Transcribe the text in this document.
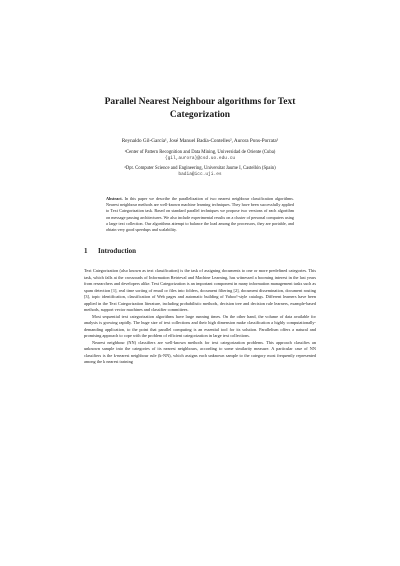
Parallel Nearest Neighbour algorithms for Text
Categorization
Reynaldo Gil-García¹, José Manuel Badía-Contelles², Aurora Pons-Porrata¹
¹Center of Pattern Recognition and Data Mining, Universidad de Oriente (Cuba)
{gil,aurora}@csd.uo.edu.cu
²Dpt. Computer Science and Engineering, Universitat Jaume I, Castellón (Spain)
badia@icc.uji.es
Abstract. In this paper we describe the parallelization of two nearest neighbour classification algorithms. Nearest neighbour methods are well-known machine learning techniques. They have been successfully applied to Text Categorization task. Based on standard parallel techniques we propose two versions of each algorithm on message passing architectures. We also include experimental results on a cluster of personal computers using a large text collection. Our algorithms attempt to balance the load among the processors, they are portable, and obtain very good speedups and scalability.
1 Introduction

Text Categorization (also known as text classification) is the task of assigning documents to one or more predefined categories. This task, which falls at the crossroads of Information Retrieval and Machine Learning, has witnessed a booming interest in the last years from researchers and developers alike. Text Categorization is an important component in many information management tasks such as spam detection [1], real time sorting of email or files into folders, document filtering [2], document dissemination, document routing [3], topic identification, classification of Web pages and automatic building of Yahoo!-style catalogs. Different learners have been applied in the Text Categorization literature, including probabilistic methods, decision tree and decision rule learners, example-based methods, support vector machines and classifier committees.

Most sequential text categorization algorithms have large running times. On the other hand, the volume of data available for analysis is growing rapidly. The huge size of text collections and their high dimension make classification a highly computationally-demanding application, to the point that parallel computing is an essential tool for its solution. Parallelism offers a natural and promising approach to cope with the problem of efficient categorization in large text collections.

Nearest neighbour (NN) classifiers are well-known methods for text categorization problems. This approach classifies an unknown sample into the categories of its nearest neighbours, according to some similarity measure. A particular case of NN classifiers is the k-nearest neighbour rule (k-NN), which assigns each unknown sample to the category most frequently represented among the k nearest training
